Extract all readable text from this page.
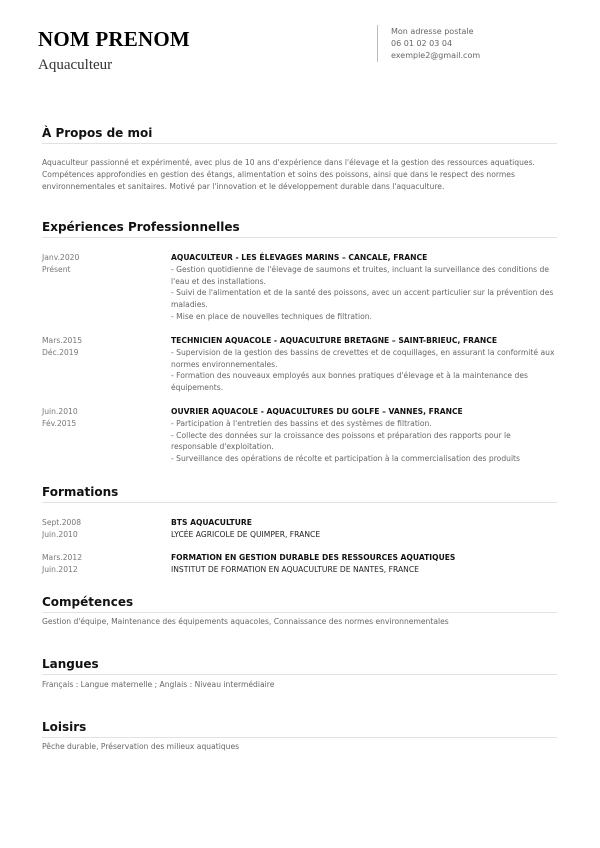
NOM PRENOM
Aquaculteur
Mon adresse postale
06 01 02 03 04
exemple2@gmail.com
À Propos de moi
Aquaculteur passionné et expérimenté, avec plus de 10 ans d'expérience dans l'élevage et la gestion des ressources aquatiques. Compétences approfondies en gestion des étangs, alimentation et soins des poissons, ainsi que dans le respect des normes environnementales et sanitaires. Motivé par l'innovation et le développement durable dans l'aquaculture.
Expériences Professionnelles
Janv.2020
Présent
AQUACULTEUR - LES ÉLEVAGES MARINS – CANCALE, FRANCE
- Gestion quotidienne de l'élevage de saumons et truites, incluant la surveillance des conditions de l'eau et des installations.
- Suivi de l'alimentation et de la santé des poissons, avec un accent particulier sur la prévention des maladies.
- Mise en place de nouvelles techniques de filtration.
Mars.2015
Déc.2019
TECHNICIEN AQUACOLE - AQUACULTURE BRETAGNE – SAINT-BRIEUC, FRANCE
- Supervision de la gestion des bassins de crevettes et de coquillages, en assurant la conformité aux normes environnementales.
- Formation des nouveaux employés aux bonnes pratiques d'élevage et à la maintenance des équipements.
Juin.2010
Fév.2015
OUVRIER AQUACOLE - AQUACULTURES DU GOLFE – VANNES, FRANCE
- Participation à l'entretien des bassins et des systèmes de filtration.
- Collecte des données sur la croissance des poissons et préparation des rapports pour le responsable d'exploitation.
- Surveillance des opérations de récolte et participation à la commercialisation des produits
Formations
Sept.2008
Juin.2010
BTS AQUACULTURE
LYCÉE AGRICOLE DE QUIMPER, FRANCE
Mars.2012
Juin.2012
FORMATION EN GESTION DURABLE DES RESSOURCES AQUATIQUES
INSTITUT DE FORMATION EN AQUACULTURE DE NANTES, FRANCE
Compétences
Gestion d'équipe, Maintenance des équipements aquacoles, Connaissance des normes environnementales
Langues
Français : Langue maternelle ; Anglais : Niveau intermédiaire
Loisirs
Pêche durable, Préservation des milieux aquatiques
